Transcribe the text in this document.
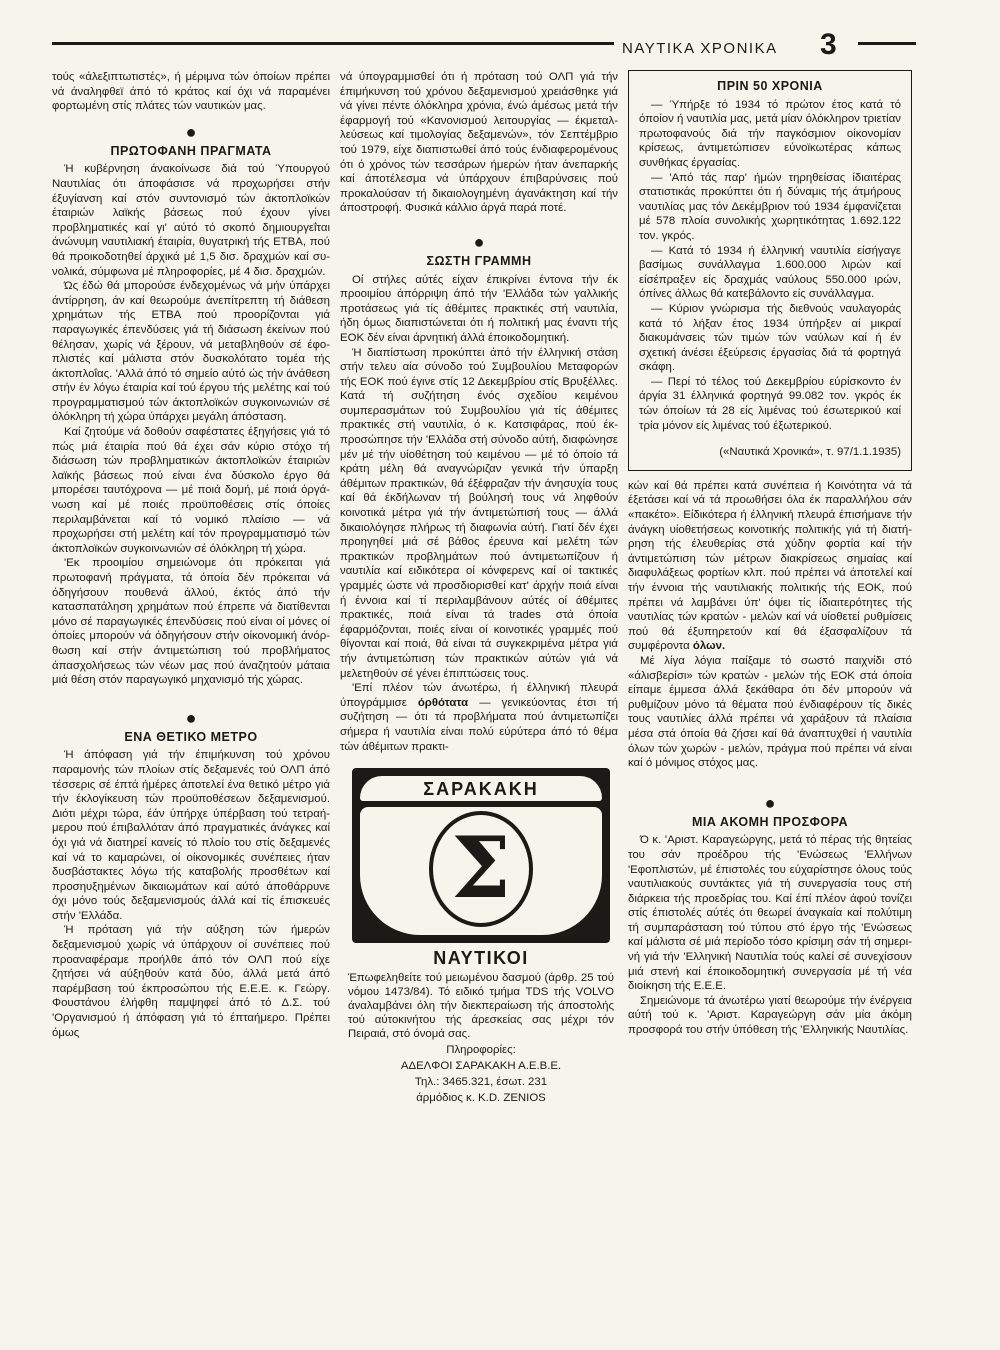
ΝΑΥΤΙΚΑ ΧΡΟΝΙΚΑ 3

τούς «άλεξιπτωτιστές», ή μέριμνα τών όποίων πρέπει νά άναληφθεϊ άπό τό κράτος καί όχι νά παραμένει φορτωμένη στίς πλάτες τών ναυτικών μας.

●
ΠΡΩΤΟΦΑΝΗ ΠΡΑΓΜΑΤΑ

Ή κυβέρνηση άνακοίνωσε διά τού Ύπουργού Ναυτιλίας ότι άποφάσισε νά προχωρήσει στήν έξυγίανση καί στόν συντονισμό τών άκτοπλοϊκών έταιριών λαϊκής βάσεως πού έχουν γίνει προβληματικές καί γι' αύτό τό σκοπό δημιουργεΐται άνώνυμη ναυτιλιακή έταιρία, θυγατρική τής ΕΤΒΑ, πού θά προικοδοτηθεί άρχικά μέ 1,5 δισ. δραχμών καί συνολικά, σύμφωνα μέ πληροφορίες, μέ 4 δισ. δραχμών.

Ώς έδώ θά μπορούσε ένδεχομένως νά μήν ύπάρχει άντίρρηση, άν καί θεωρούμε άνεπίτρεπτη τή διάθεση χρημάτων τής ΕΤΒΑ πού προορίζονται γιά παραγωγικές έπενδύσεις γιά τή διάσωση έκείνων πού θέλησαν, χωρίς νά ξέρουν, νά μεταβληθούν σέ έφοπλιστές καί μάλιστα στόν δυσκολότατο τομέα τής άκτοπλοΐας. 'Αλλά άπό τό σημείο αύτό ώς τήν άνάθεση στήν έν λόγω έταιρία καί τού έργου τής μελέτης καί τού προγραμματισμού τών άκτοπλοϊκών συγκοινωνιών σέ όλόκληρη τή χώρα ύπάρχει μεγάλη άπόσταση.

Καί ζητούμε νά δοθούν σαφέστατες έξηγήσεις γιά τό πώς μιά έταιρία πού θά έχει σάν κύριο στόχο τή διάσωση τών προβληματικών άκτοπλοϊκών έταιριών λαϊκής βάσεως πού είναι ένα δύσκολο έργο θά μπορέσει ταυτόχρονα — μέ ποιά δομή, μέ ποιά όργάνωση καί μέ ποιές προϋποθέσεις στίς όποίες περιλαμβάνεται καί τό νομικό πλαίσιο — νά προχωρήσει στή μελέτη καί τόν προγραμματισμό τών άκτοπλοϊκών συγκοινωνιών σέ όλόκληρη τή χώρα.

'Εκ προοιμίου σημειώνομε ότι πρόκειται γιά πρωτοφανή πράγματα, τά όποία δέν πρόκειται νά όδηγήσουν πουθενά άλλού, έκτός άπό τήν κατασπατάληση χρημάτων πού έπρεπε νά διατίθενται μόνο σέ παραγωγικές έπενδύσεις πού είναι οί μόνες οί όποίες μπορούν νά όδηγήσουν στήν οίκονομική άνόρθωση καί στήν άντιμετώπιση τού προβλήματος άπασχολήσεως τών νέων μας πού άναζητούν μάταια μιά θέση στόν παραγωγικό μηχανισμό τής χώρας.

●
ΕΝΑ ΘΕΤΙΚΟ ΜΕΤΡΟ

Ή άπόφαση γιά τήν έπιμήκυνση τού χρόνου παραμονής τών πλοίων στίς δεξαμενές τού ΟΛΠ άπό τέσσερις σέ έπτά ήμέρες άποτελεί ένα θετικό μέτρο γιά τήν έκλογίκευση τών προϋποθέσεων δεξαμενισμού. Διότι μέχρι τώρα, έάν ύπήρχε ύπέρβαση τού τετραήμερου πού έπιβαλλόταν άπό πραγματικές άνάγκες καί όχι γιά νά διατηρεί κανείς τό πλοίο του στίς δεξαμενές καί νά το καμαρώνει, οί οίκονομικές συνέπειες ήταν δυσβάστακτες λόγω τής καταβολής προσθέτων καί προσηυξημένων δικαιωμάτων καί αύτό άπoθάρρυνε όχι μόνο τούς δεξαμενισμούς άλλά καί τίς έπισκευές στήν 'Ελλάδα.

Ή πρόταση γιά τήν αύξηση τών ήμερών δεξαμενισμού χωρίς νά ύπάρχουν οί συνέπειες πού προαναφέραμε προήλθε άπό τόν ΟΛΠ πού είχε ζητήσει νά αύξηθούν κατά δύο, άλλά μετά άπό παρέμβαση τού έκπροσώπου τής Ε.Ε.Ε. κ. Γεώργ. Φουστάνου έλήφθη παμψηφεί άπό τό Δ.Σ. τού 'Οργανισμού ή άπόφαση γιά τό έπταήμερο. Πρέπει όμως

νά ύπογραμμισθεί ότι ή πρόταση τού ΟΛΠ γιά τήν έπιμήκυνση τού χρόνου δεξαμενισμού χρειάσθηκε γιά νά γίνει πέντε όλόκληρα χρόνια, ένώ άμέσως μετά τήν έφαρμογή τού «Κανονισμού λειτουργίας — έκμεταλλεύσεως καί τιμολογίας δεξαμενών», τόν Σεπτέμβριο τού 1979, είχε διαπιστωθεί άπό τούς ένδιαφερομένους ότι ό χρόνος τών τεσσάρων ήμερών ήταν άνεπαρκής καί άποτέλεσμα νά ύπάρχουν έπιβαρύνσεις πού προκαλούσαν τή δικαιολογημένη άγανάκτηση καί τήν άποστροφή. Φυσικά κάλλιο άργά παρά ποτέ.

●
ΣΩΣΤΗ ΓΡΑΜΜΗ

Οί στήλες αύτές είχαν έπικρίνει έντονα τήν έκ προοιμίου άπόρριψη άπό τήν 'Ελλάδα τών γαλλικής προτάσεως γιά τίς άθέμιτες πρακτικές στή ναυτιλία, ήδη όμως διαπιστώνεται ότι ή πολιτική μας έναντι τής ΕΟΚ δέν είναι άρνητική άλλά έποικοδομητική.

Ή διαπίστωση προκύπτει άπό τήν έλληνική στάση στήν τελευ αία σύνοδο τού Συμβουλίου Μεταφορών τής ΕΟΚ πού έγινε στίς 12 Δεκεμβρίου στίς Βρυξέλλες. Κατά τή συζήτηση ένός σχεδίου κειμένου συμπερασμάτων τού Συμβουλίου γιά τίς άθέμιτες πρακτικές στή ναυτιλία, ό κ. Κατσιφάρας, πού έκπροσώπησε τήν 'Ελλάδα στή σύνοδο αύτή, διαφώνησε μέν μέ τήν υίοθέτηση τού κειμένου — μέ τό όποίο τά κράτη μέλη θά αναγνώριζαν γενικά τήν ύπαρξη άθέμιτων πρακτικών, θά έξέφραζαν τήν άνησυχία τους καί θά έκδήλωναν τή βούλησή τους νά ληφθούν κοινοτικά μέτρα γιά τήν άντιμετώπισή τους — άλλά δικαιολόγησε πλήρως τή διαφωνία αύτή. Γιατί δέν έχει προηγηθεί μιά σέ βάθος έρευνα καί μελέτη τών πρακτικών προβλημάτων πού άντιμετωπίζουν ή ναυτιλία καί ειδικότερα οί κόνφερενς καί οί τακτικές γραμμές ώστε νά προσδιορισθεί κατ' άρχήν ποιά είναι ή έννοια καί τί περιλαμβάνουν αύτές οί άθέμιτες πρακτικές, ποιά είναι τά trades στά όποία έφαρμόζονται, ποιές είναι οί κοινοτικές γραμμές πού θίγονται καί ποιά, θά είναι τά συγκεκριμένα μέτρα γιά τήν άντιμετώπιση τών πρακτικών αύτών γιά νά μελετηθούν σέ γένει έπιπτώσεις τους.

'Επί πλέον τών άνωτέρω, ή έλληνική πλευρά ύπογράμμισε όρθότατα — γενικεύοντας έτσι τή συζήτηση — ότι τά προβλήματα πού άντιμετωπίζει σήμερα ή ναυτιλία είναι πολύ εύρύτερα άπό τό θέμα τών άθέμιτων πρακτι-

ΣΑΡΑΚΑΚΗ
Σ
ΝΑΥΤΙΚΟΙ
Έπωφεληθείτε τού μειωμένου δασμού (άρθρ. 25 τού νόμου 1473/84). Τό ειδικό τμήμα TDS τής VOLVO άναλαμβάνει όλη τήν διεκπεραίωση τής άποστολής τού αύτοκινήτου τής άρεσκείας σας μέχρι τόν Πειραιά, στό όνομά σας.
Πληροφορίες:
ΑΔΕΛΦΟΙ ΣΑΡΑΚΑΚΗ Α.Ε.Β.Ε.
Τηλ.: 3465.321, έσωτ. 231
άρμόδιος κ. K.D. ZENIOS
ΠΡΙΝ 50 ΧΡΟΝΙΑ

— Ύπήρξε τό 1934 τό πρώτον έτος κατά τό όποίον ή ναυτιλία μας, μετά μίαν όλόκληρον τριετίαν πρωτοφανούς διά τήν παγκόσμιον οίκονομίαν κρίσεως, άντιμετώπισεν εύνοϊκωτέρας κάπως συνθήκας έργασίας.

— 'Από τάς παρ' ήμών τηρηθείσας ίδιαιτέρας στατιστικάς προκύπτει ότι ή δύναμις τής άτμήρους ναυτιλίας μας τόν Δεκέμβριον τού 1934 έμφανίζεται μέ 578 πλοία συνολικής χωρητικότητας 1.692.122 τον. γκρός.

— Κατά τό 1934 ή έλληνική ναυτιλία είσήγαγε βασίμως συνάλλαγμα 1.600.000 λιρών καί είσέπραξεν είς δραχμάς ναύλους 550.000 ιρών, όπίνες άλλως θά κατεβάλοντο είς συνάλλαγμα.

— Κύριον γνώρισμα τής διεθνούς ναυλαγοράς κατά τό λήξαν έτος 1934 ύπήρξεν αί μικραί διακυμάνσεις τών τιμών τών ναύλων καί ή έν σχετική άνέσει έξεύρεσις έργασίας διά τά φορτηγά σκάφη.

— Περί τό τέλος τού Δεκεμβρίου εύρίσκοντο έν άργία 31 έλληνικά φορτηγά 99.082 τον. γκρός έκ τών όποίων τά 28 είς λιμένας τού έσωτερικού καί τρία μόνον είς λιμένας τού έξωτερικού.

(«Ναυτικά Χρονικά», τ. 97/1.1.1935)

κών καί θά πρέπει κατά συνέπεια ή Κοινότητα νά τά έξετάσει καί νά τά προωθήσει όλα έκ παραλλήλου σάν «πακέτο». Είδικότερα ή έλληνική πλευρά έπισήμανε τήν άνάγκη υίοθετήσεως κοινοτικής πολιτικής γιά τή διατήρηση τής έλευθερίας στά χύδην φορτία καί τήν άντιμετώπιση τών μέτρων διακρίσεως σημαίας καί διαφυλάξεως φορτίων κλπ. πού πρέπει νά άποτελεί καί τήν έννοια τής ναυτιλιακής πολιτικής τής ΕΟΚ, πού πρέπει νά λαμβάνει ύπ' όψει τίς ίδιαιτερότητες τής ναυτιλίας τών κρατών - μελών καί νά υίοθετεί ρυθμίσεις πού θά έξυπηρετούν καί θά έξασφαλίζουν τά συμφέροντα όλων.

Μέ λίγα λόγια παίξαμε τό σωστό παιχνίδι στό «άλισβερίσι» τών κρατών - μελών τής ΕΟΚ στά όποία είπαμε έμμεσα άλλά ξεκάθαρα ότι δέν μπορούν νά ρυθμίζουν μόνο τά θέματα πού ένδιαφέρουν τίς δικές τους ναυτιλίες άλλά πρέπει νά χαράξουν τά πλαίσια μέσα στά όποία θά ζήσει καί θά άναπτυχθεί ή ναυτιλία όλων τών χωρών - μελών, πράγμα πού πρέπει νά είναι καί ό μόνιμος στόχος μας.

●
ΜΙΑ ΑΚΟΜΗ ΠΡΟΣΦΟΡΑ

Ό κ. 'Αριστ. Καραγεώργης, μετά τό πέρας τής θητείας του σάν προέδρου τής 'Ενώσεως 'Ελλήνων 'Εφοπλιστών, μέ έπιστολές του εύχαρίστησε όλους τούς ναυτιλιακούς συντάκτες γιά τή συνεργασία τους στή διάρκεια τής προεδρίας του. Καί έπί πλέον άφού τονίζει στίς έπιστολές αύτές ότι θεωρεί άναγκαία καί πολύτιμη τή συμπαράσταση τού τύπου στό έργο τής 'Ενώσεως καί μάλιστα σέ μιά περίοδο τόσο κρίσιμη σάν τή σημερινή γιά τήν 'Ελληνική Ναυτιλία τούς καλεί σέ συνεχίσουν μιά στενή καί έποικοδομητική συνεργασία μέ τή νέα διοίκηση τής Ε.Ε.Ε.

Σημειώνομε τά άνωτέρω γιατί θεωρούμε τήν ένέργεια αύτή τού κ. 'Αριστ. Καραγεώργη σάν μία άκόμη προσφορά του στήν ύπόθεση τής 'Ελληνικής Ναυτιλίας.
